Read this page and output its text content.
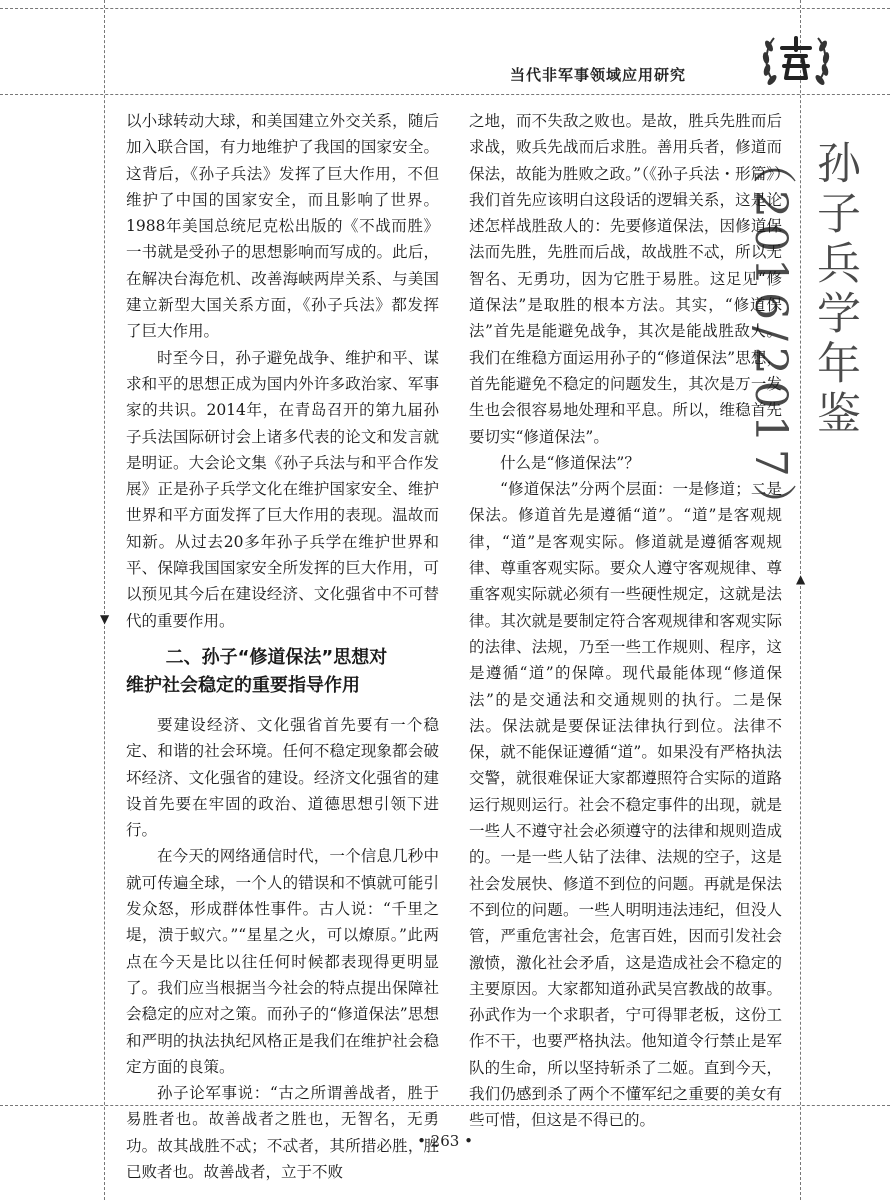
当代非军事领域应用研究
孙子兵学年鉴（2016/2017）
▲
▼

以小球转动大球，和美国建立外交关系，随后加入联合国，有力地维护了我国的国家安全。这背后，《孙子兵法》发挥了巨大作用，不但维护了中国的国家安全，而且影响了世界。1988年美国总统尼克松出版的《不战而胜》一书就是受孙子的思想影响而写成的。此后，在解决台海危机、改善海峡两岸关系、与美国建立新型大国关系方面，《孙子兵法》都发挥了巨大作用。

时至今日，孙子避免战争、维护和平、谋求和平的思想正成为国内外许多政治家、军事家的共识。2014年，在青岛召开的第九届孙子兵法国际研讨会上诸多代表的论文和发言就是明证。大会论文集《孙子兵法与和平合作发展》正是孙子兵学文化在维护国家安全、维护世界和平方面发挥了巨大作用的表现。温故而知新。从过去20多年孙子兵学在维护世界和平、保障我国国家安全所发挥的巨大作用，可以预见其今后在建设经济、文化强省中不可替代的重要作用。

二、孙子“修道保法”思想对
维护社会稳定的重要指导作用

要建设经济、文化强省首先要有一个稳定、和谐的社会环境。任何不稳定现象都会破坏经济、文化强省的建设。经济文化强省的建设首先要在牢固的政治、道德思想引领下进行。

在今天的网络通信时代，一个信息几秒中就可传遍全球，一个人的错误和不慎就可能引发众怒，形成群体性事件。古人说：“千里之堤，溃于蚁穴。”“星星之火，可以燎原。”此两点在今天是比以往任何时候都表现得更明显了。我们应当根据当今社会的特点提出保障社会稳定的应对之策。而孙子的“修道保法”思想和严明的执法执纪风格正是我们在维护社会稳定方面的良策。

孙子论军事说：“古之所谓善战者，胜于易胜者也。故善战者之胜也，无智名，无勇功。故其战胜不忒；不忒者，其所措必胜，胜已败者也。故善战者，立于不败

之地，而不失敌之败也。是故，胜兵先胜而后求战，败兵先战而后求胜。善用兵者，修道而保法，故能为胜败之政。”（《孙子兵法・形篇》）我们首先应该明白这段话的逻辑关系，这是论述怎样战胜敌人的：先要修道保法，因修道保法而先胜，先胜而后战，故战胜不忒，所以无智名、无勇功，因为它胜于易胜。这足见“修道保法”是取胜的根本方法。其实，“修道保法”首先是能避免战争，其次是能战胜敌人。我们在维稳方面运用孙子的“修道保法”思想，首先能避免不稳定的问题发生，其次是万一发生也会很容易地处理和平息。所以，维稳首先要切实“修道保法”。

什么是“修道保法”？

“修道保法”分两个层面：一是修道；二是保法。修道首先是遵循“道”。“道”是客观规律，“道”是客观实际。修道就是遵循客观规律、尊重客观实际。要众人遵守客观规律、尊重客观实际就必须有一些硬性规定，这就是法律。其次就是要制定符合客观规律和客观实际的法律、法规，乃至一些工作规则、程序，这是遵循“道”的保障。现代最能体现“修道保法”的是交通法和交通规则的执行。二是保法。保法就是要保证法律执行到位。法律不保，就不能保证遵循“道”。如果没有严格执法交警，就很难保证大家都遵照符合实际的道路运行规则运行。社会不稳定事件的出现，就是一些人不遵守社会必须遵守的法律和规则造成的。一是一些人钻了法律、法规的空子，这是社会发展快、修道不到位的问题。再就是保法不到位的问题。一些人明明违法违纪，但没人管，严重危害社会，危害百姓，因而引发社会激愤，激化社会矛盾，这是造成社会不稳定的主要原因。大家都知道孙武吴宫教战的故事。孙武作为一个求职者，宁可得罪老板，这份工作不干，也要严格执法。他知道令行禁止是军队的生命，所以坚持斩杀了二姬。直到今天，我们仍感到杀了两个不懂军纪之重要的美女有些可惜，但这是不得已的。

• 263 •
